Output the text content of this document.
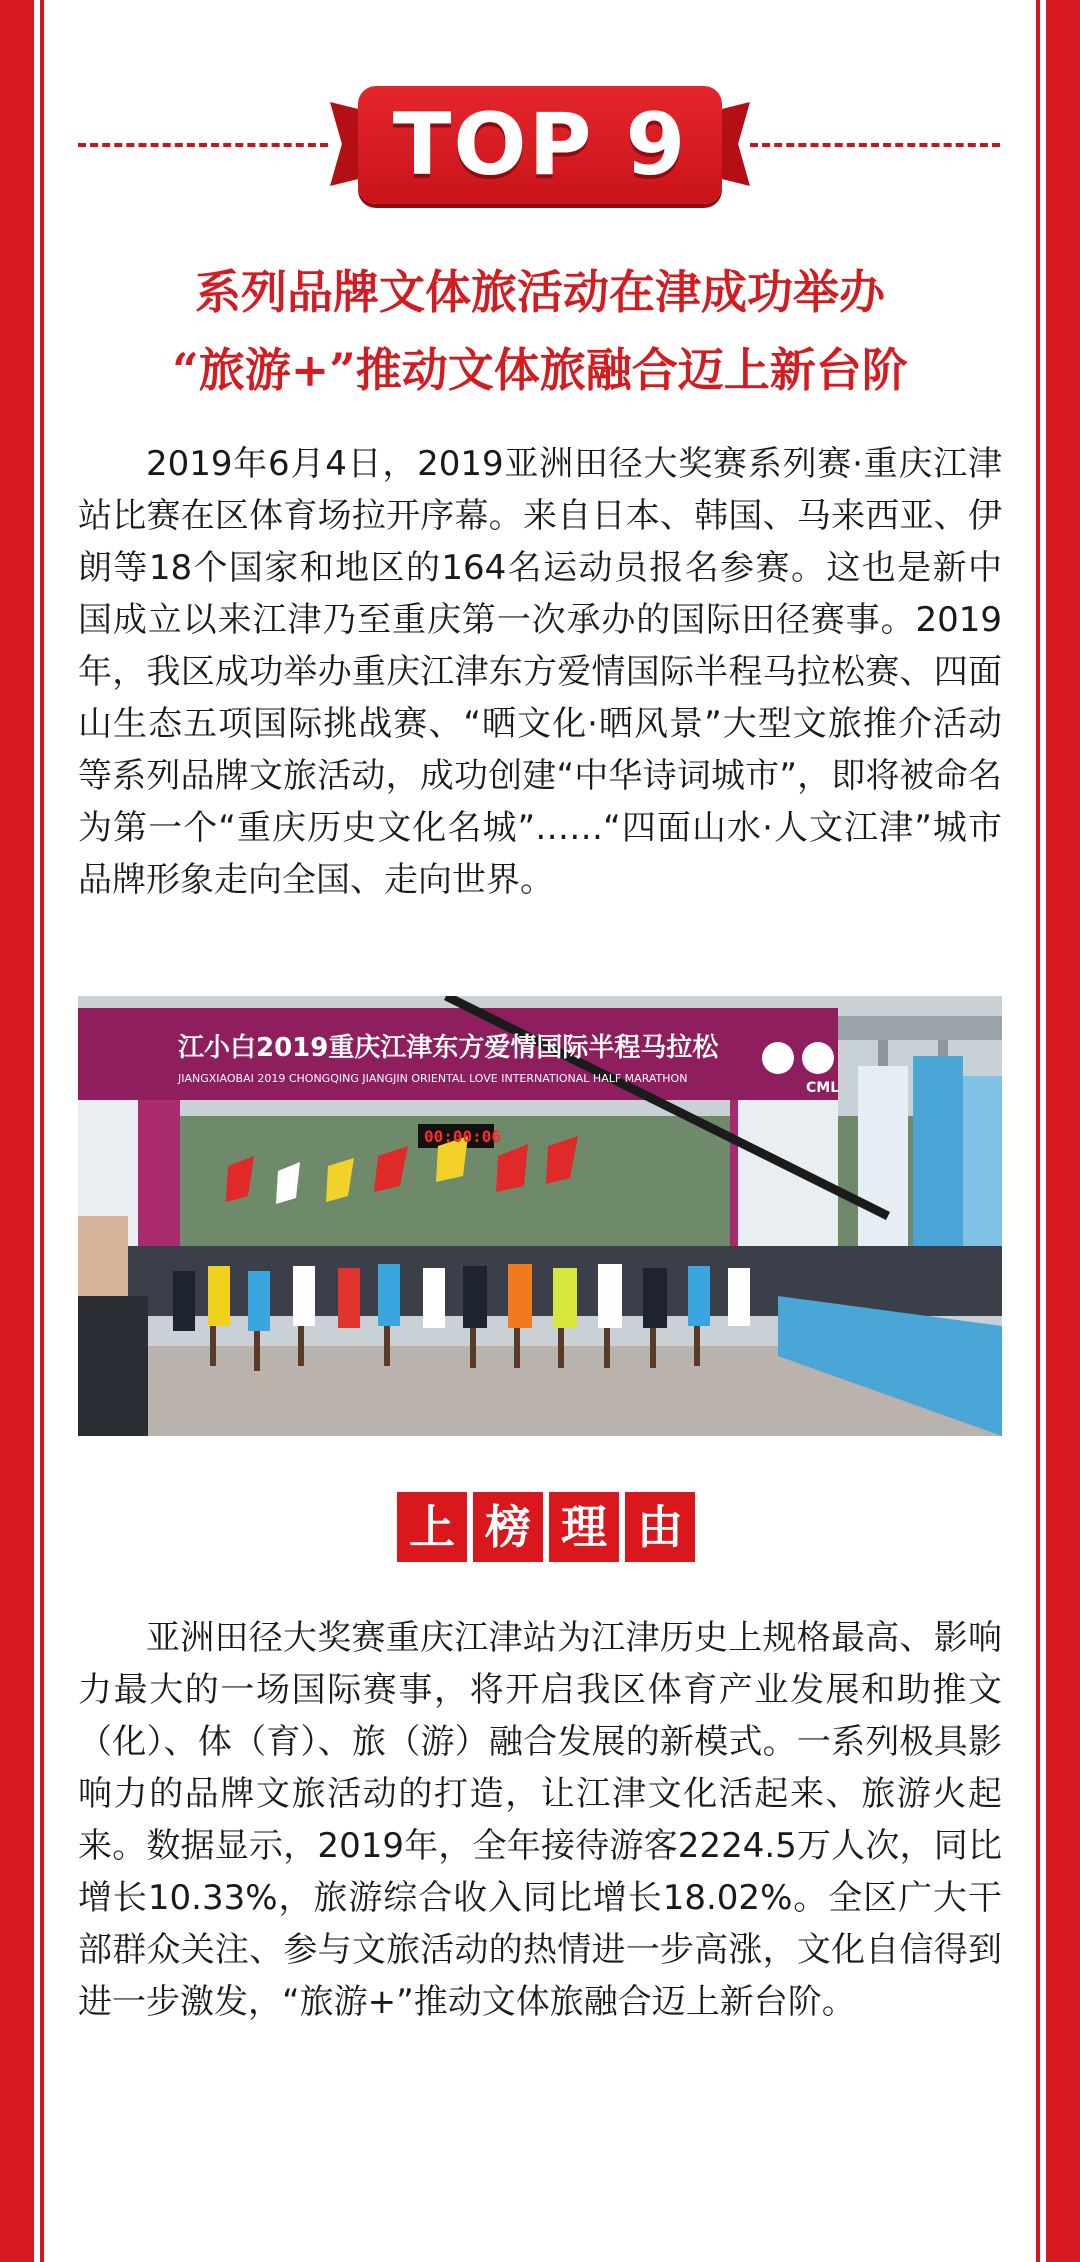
TOP 9
系列品牌文体旅活动在津成功举办
“旅游+”推动文体旅融合迈上新台阶
2019年6月4日，2019亚洲田径大奖赛系列赛·重庆江津站比赛在区体育场拉开序幕。来自日本、韩国、马来西亚、伊朗等18个国家和地区的164名运动员报名参赛。这也是新中国成立以来江津乃至重庆第一次承办的国际田径赛事。2019年，我区成功举办重庆江津东方爱情国际半程马拉松赛、四面山生态五项国际挑战赛、“晒文化·晒风景”大型文旅推介活动等系列品牌文旅活动，成功创建“中华诗词城市”，即将被命名为第一个“重庆历史文化名城”……“四面山水·人文江津”城市品牌形象走向全国、走向世界。
江小白2019重庆江津东方爱情国际半程马拉松
JIANGXIAOBAI 2019 CHONGQING JIANGJIN ORIENTAL LOVE INTERNATIONAL HALF MARATHON
00:00:06
CML
上 榜 理 由
亚洲田径大奖赛重庆江津站为江津历史上规格最高、影响力最大的一场国际赛事，将开启我区体育产业发展和助推文（化）、体（育）、旅（游）融合发展的新模式。一系列极具影响力的品牌文旅活动的打造，让江津文化活起来、旅游火起来。数据显示，2019年，全年接待游客2224.5万人次，同比增长10.33%，旅游综合收入同比增长18.02%。全区广大干部群众关注、参与文旅活动的热情进一步高涨，文化自信得到进一步激发，“旅游+”推动文体旅融合迈上新台阶。
